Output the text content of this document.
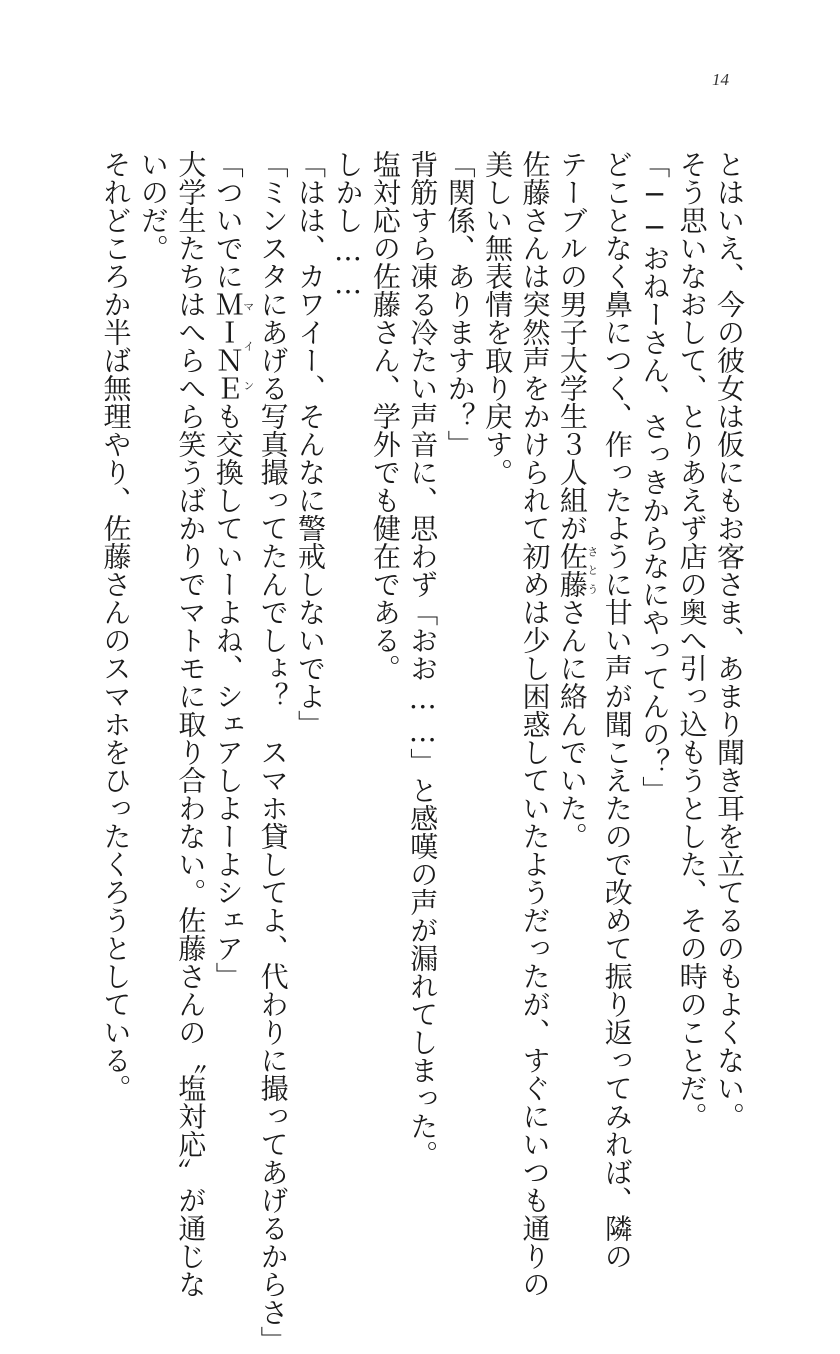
14
とはいえ、今の彼女は仮にもお客さま、あまり聞き耳を立てるのもよくない。
そう思いなおして、とりあえず店の奥へ引っ込もうとした、その時のことだ。
「──おねーさん、さっきからなにやってんの？」
どことなく鼻につく、作ったように甘い声が聞こえたので改めて振り返ってみれば、隣の
テーブルの男子大学生３人組が佐藤さとうさんに絡んでいた。
佐藤さんは突然声をかけられて初めは少し困惑していたようだったが、すぐにいつも通りの
美しい無表情を取り戻す。
「関係、ありますか？」
背筋すら凍る冷たい声音に、思わず「おお……」と感嘆の声が漏れてしまった。
塩対応の佐藤さん、学外でも健在である。
しかし……
「はは、カワイー、そんなに警戒しないでよ」
「ミンスタにあげる写真撮ってたんでしょ？　スマホ貸してよ、代わりに撮ってあげるからさ」
「ついでにＭＩＮＥマインも交換していーよね、シェアしよーよシェア」
大学生たちはへらへら笑うばかりでマトモに取り合わない。佐藤さんの〝塩対応〟が通じな
いのだ。
それどころか半ば無理やり、佐藤さんのスマホをひったくろうとしている。
